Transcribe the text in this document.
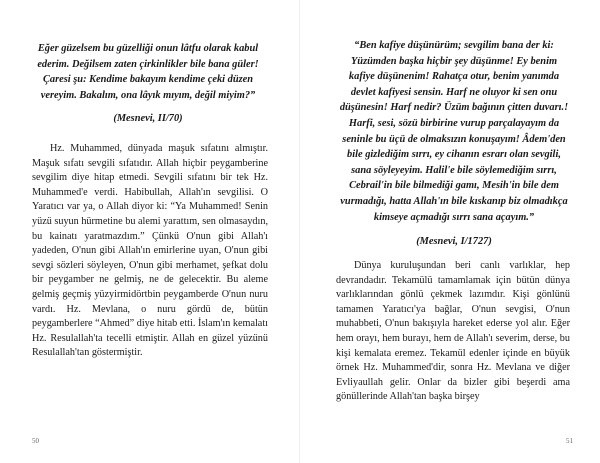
Eğer güzelsem bu güzelliği onun lâtfu olarak kabul ederim. Değilsem zaten çirkinlikler bile bana güler! Çaresi şu: Kendime bakayım kendime çeki düzen vereyim. Bakalım, ona lâyık mıyım, değil miyim?”

(Mesnevi, II/70)

Hz. Muhammed, dünyada maşuk sıfatını almıştır. Maşuk sıfatı sevgili sıfatıdır. Allah hiçbir peygamberine sevgilim diye hitap etmedi. Sevgili sıfatını bir tek Hz. Muhammed'e verdi. Habibullah, Allah'ın sevgilisi. O Yaratıcı var ya, o Allah diyor ki: “Ya Muhammed! Senin yüzü suyun hürmetine bu alemi yarattım, sen olmasaydın, bu kainatı yaratmazdım.” Çünkü O'nun gibi Allah'ı yadeden, O'nun gibi Allah'ın emirlerine uyan, O'nun gibi sevgi sözleri söyleyen, O'nun gibi merhamet, şefkat dolu bir peygamber ne gelmiş, ne de gelecektir. Bu aleme gelmiş geçmiş yüzyirmidörtbin peygamberde O'nun nuru vardı. Hz. Mevlana, o nuru gördü de, bütün peygamberlere “Ahmed” diye hitab etti. İslam'ın kemalatı Hz. Resulallah'ta tecelli etmiştir. Allah en güzel yüzünü Resulallah'tan göstermiştir.

50

“Ben kafiye düşünürüm; sevgilim bana der ki: Yüzümden başka hiçbir şey düşünme! Ey benim kafiye düşünenim! Rahatça otur, benim yanımda devlet kafiyesi sensin. Harf ne oluyor ki sen onu düşünesin! Harf nedir? Üzüm bağının çitten duvarı.! Harfi, sesi, sözü birbirine vurup parçalayayım da seninle bu üçü de olmaksızın konuşayım! Âdem'den bile gizlediğim sırrı, ey cihanın esrarı olan sevgili, sana söyleyeyim. Halil'e bile söylemediğim sırrı, Cebrail'in bile bilmediği gamı, Mesih'in bile dem vurmadığı, hatta Allah'ın bile kıskanıp biz olmadıkça kimseye açmadığı sırrı sana açayım.”

(Mesnevi, I/1727)

Dünya kuruluşundan beri canlı varlıklar, hep devrandadır. Tekamülü tamamlamak için bütün dünya varlıklarından gönlü çekmek lazımdır. Kişi gönlünü tamamen Yaratıcı'ya bağlar, O'nun sevgisi, O'nun muhabbeti, O'nun bakışıyla hareket ederse yol alır. Eğer hem orayı, hem burayı, hem de Allah'ı severim, derse, bu kişi kemalata eremez. Tekamül edenler içinde en büyük örnek Hz. Muhammed'dir, sonra Hz. Mevlana ve diğer Evliyaullah gelir. Onlar da bizler gibi beşerdi ama gönüllerinde Allah'tan başka birşey

51
